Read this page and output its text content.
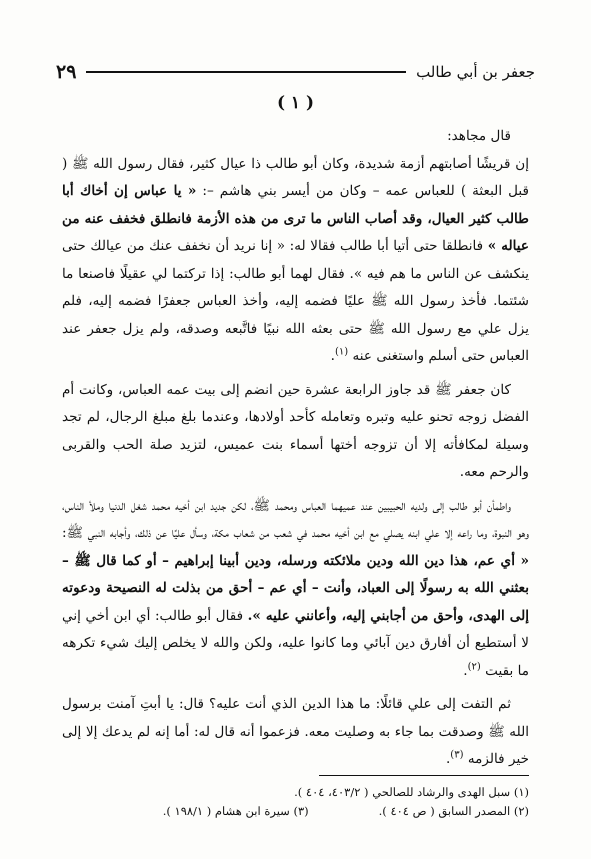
٢٩	جعفر بن أبي طالب
( ١ )

قال مجاهد:

إن قريشًا أصابتهم أزمة شديدة، وكان أبو طالب ذا عيال كثير، فقال رسول الله ﷺ ( قبل البعثة ) للعباس عمه – وكان من أيسر بني هاشم –: « يا عباس إن أخاك أبا طالب كثير العيال، وقد أصاب الناس ما ترى من هذه الأزمة فانطلق فخفف عنه من عياله » فانطلقا حتى أتيا أبا طالب فقالا له: « إنا نريد أن نخفف عنك من عيالك حتى ينكشف عن الناس ما هم فيه ». فقال لهما أبو طالب: إذا تركتما لي عقيلًا فاصنعا ما شئتما. فأخذ رسول الله ﷺ عليًا فضمه إليه، وأخذ العباس جعفرًا فضمه إليه، فلم يزل علي مع رسول الله ﷺ حتى بعثه الله نبيًا فاتَّبعه وصدقه، ولم يزل جعفر عند العباس حتى أسلم واستغنى عنه $^{(١)}$.

كان جعفر ﷺ قد جاوز الرابعة عشرة حين انضم إلى بيت عمه العباس، وكانت أم الفضل زوجه تحنو عليه وتبره وتعامله كأحد أولادها، وعندما بلغ مبلغ الرجال، لم تجد وسيلة لمكافأته إلا أن تزوجه أختها أسماء بنت عميس، لتزيد صلة الحب والقربى والرحم معه.

واطمأن أبو طالب إلى ولديه الحبيبين عند عميهما العباس ومحمد ﷺ، لكن جديد ابن أخيه محمد شغل الدنيا وملأ الناس، وهو النبوة، وما راعه إلا علي ابنه يصلي مع ابن أخيه محمد في شعب من شعاب مكة، وسأل عليًا عن ذلك، وأجابه النبي ﷺ: « أي عم، هذا دين الله ودين ملائكته ورسله، ودين أبينا إبراهيم – أو كما قال ﷺ – بعثني الله به رسولًا إلى العباد، وأنت – أي عم – أحق من بذلت له النصيحة ودعوته إلى الهدى، وأحق من أجابني إليه، وأعانني عليه ». فقال أبو طالب: أي ابن أخي إني لا أستطيع أن أفارق دين آبائي وما كانوا عليه، ولكن والله لا يخلص إليك شيء تكرهه ما بقيت $^{(٢)}$.

ثم التفت إلى علي قائلًا: ما هذا الدين الذي أنت عليه؟ قال: يا أبتِ آمنت برسول الله ﷺ وصدقت بما جاء به وصليت معه. فزعموا أنه قال له: أما إنه لم يدعك إلا إلى خير فالزمه $^{(٣)}$.

(١) سبل الهدى والرشاد للصالحي ( ٤٠٣/٢، ٤٠٤ ).
(٢) المصدر السابق ( ص ٤٠٤ ).
(٣) سيرة ابن هشام ( ١٩٨/١ ).
